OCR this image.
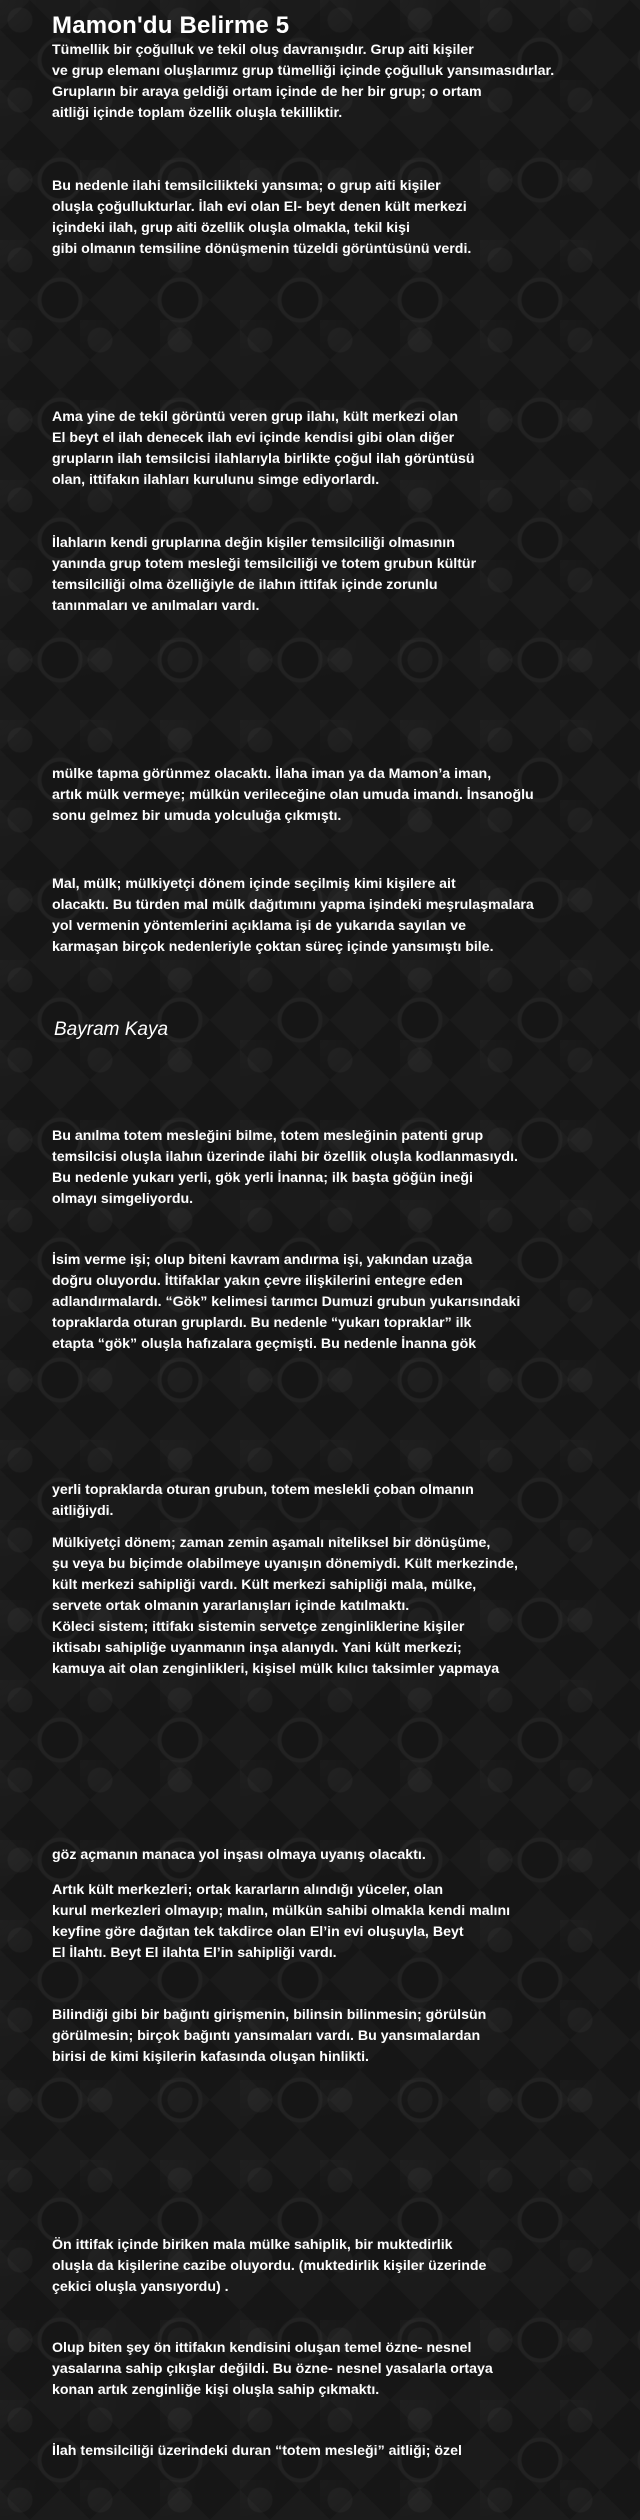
Mamon'du Belirme 5

Tümellik bir çoğulluk ve tekil oluş davranışıdır. Grup aiti kişiler
ve grup elemanı oluşlarımız grup tümelliği içinde çoğulluk yansımasıdırlar.
Grupların bir araya geldiği ortam içinde de her bir grup; o ortam
aitliği içinde toplam özellik oluşla tekilliktir.

Bu nedenle ilahi temsilcilikteki yansıma; o grup aiti kişiler
oluşla çoğullukturlar. İlah evi olan El- beyt denen kült merkezi
içindeki ilah, grup aiti özellik oluşla olmakla, tekil kişi
gibi olmanın temsiline dönüşmenin tüzeldi görüntüsünü verdi.

Ama yine de tekil görüntü veren grup ilahı, kült merkezi olan
El beyt el ilah denecek ilah evi içinde kendisi gibi olan diğer
grupların ilah temsilcisi ilahlarıyla birlikte çoğul ilah görüntüsü
olan, ittifakın ilahları kurulunu simge ediyorlardı.

İlahların kendi gruplarına değin kişiler temsilciliği olmasının
yanında grup totem mesleği temsilciliği ve totem grubun kültür
temsilciliği olma özelliğiyle de ilahın ittifak içinde zorunlu
tanınmaları ve anılmaları vardı.

mülke tapma görünmez olacaktı. İlaha iman ya da Mamon’a iman,
artık mülk vermeye; mülkün verileceğine olan umuda imandı. İnsanoğlu
sonu gelmez bir umuda yolculuğa çıkmıştı.

Mal, mülk; mülkiyetçi dönem içinde seçilmiş kimi kişilere ait
olacaktı. Bu türden mal mülk dağıtımını yapma işindeki meşrulaşmalara
yol vermenin yöntemlerini açıklama işi de yukarıda sayılan ve
karmaşan birçok nedenleriyle çoktan süreç içinde yansımıştı bile.

Bayram Kaya

Bu anılma totem mesleğini bilme, totem mesleğinin patenti grup
temsilcisi oluşla ilahın üzerinde ilahi bir özellik oluşla kodlanmasıydı.
Bu nedenle yukarı yerli, gök yerli İnanna; ilk başta göğün ineği
olmayı simgeliyordu.

İsim verme işi; olup biteni kavram andırma işi, yakından uzağa
doğru oluyordu. İttifaklar yakın çevre ilişkilerini entegre eden
adlandırmalardı. “Gök” kelimesi tarımcı Dumuzi grubun yukarısındaki
topraklarda oturan gruplardı. Bu nedenle “yukarı topraklar” ilk
etapta “gök” oluşla hafızalara geçmişti. Bu nedenle İnanna gök

yerli topraklarda oturan grubun, totem meslekli çoban olmanın
aitliğiydi.

Mülkiyetçi dönem; zaman zemin aşamalı niteliksel bir dönüşüme,
şu veya bu biçimde olabilmeye uyanışın dönemiydi. Kült merkezinde,
kült merkezi sahipliği vardı. Kült merkezi sahipliği mala, mülke,
servete ortak olmanın yararlanışları içinde katılmaktı.
Köleci sistem; ittifakı sistemin servetçe zenginliklerine kişiler
iktisabı sahipliğe uyanmanın inşa alanıydı. Yani kült merkezi;
kamuya ait olan zenginlikleri, kişisel mülk kılıcı taksimler yapmaya

göz açmanın manaca yol inşası olmaya uyanış olacaktı.

Artık kült merkezleri; ortak kararların alındığı yüceler, olan
kurul merkezleri olmayıp; malın, mülkün sahibi olmakla kendi malını
keyfine göre dağıtan tek takdirce olan El’in evi oluşuyla, Beyt
El İlahtı. Beyt El ilahta El’in sahipliği vardı.

Bilindiği gibi bir bağıntı girişmenin, bilinsin bilinmesin; görülsün
görülmesin; birçok bağıntı yansımaları vardı. Bu yansımalardan
birisi de kimi kişilerin kafasında oluşan hinlikti.

Ön ittifak içinde biriken mala mülke sahiplik, bir muktedirlik
oluşla da kişilerine cazibe oluyordu. (muktedirlik kişiler üzerinde
çekici oluşla yansıyordu) .

Olup biten şey ön ittifakın kendisini oluşan temel özne- nesnel
yasalarına sahip çıkışlar değildi. Bu özne- nesnel yasalarla ortaya
konan artık zenginliğe kişi oluşla sahip çıkmaktı.

İlah temsilciliği üzerindeki duran “totem mesleği” aitliği; özel
